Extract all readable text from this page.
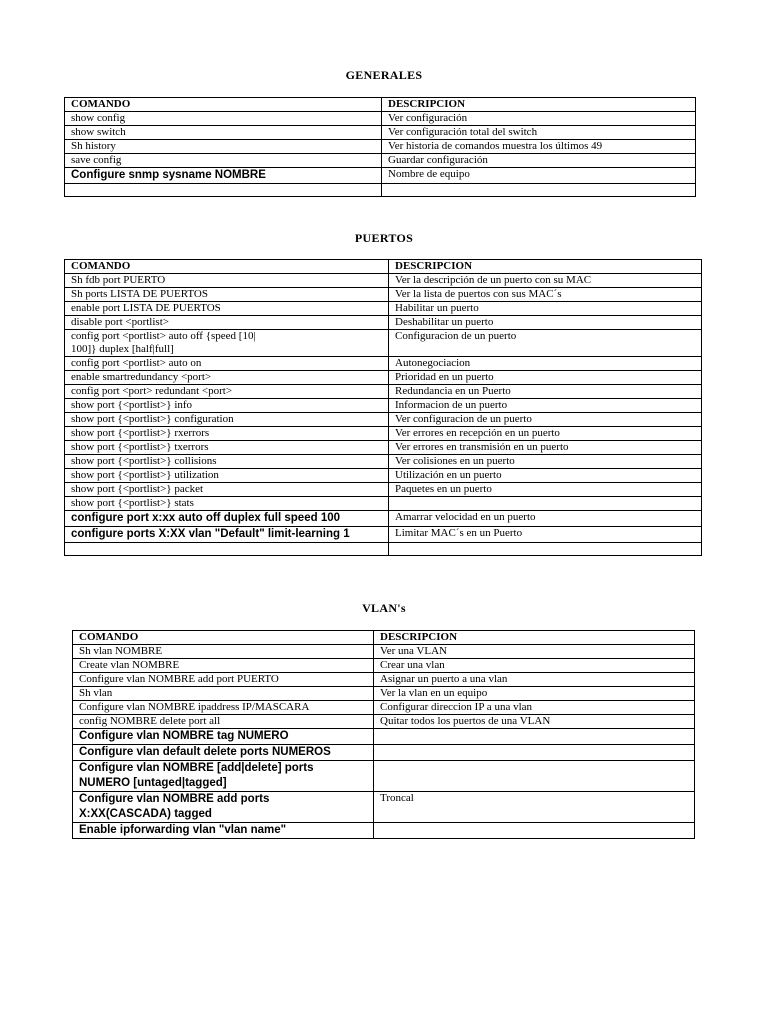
GENERALES
COMANDO	DESCRIPCION
show config	Ver configuración
show switch	Ver configuración total del switch
Sh history	Ver historia de comandos muestra los últimos 49
save config	Guardar configuración
Configure snmp sysname NOMBRE	Nombre de equipo

PUERTOS
COMANDO	DESCRIPCION
Sh fdb port PUERTO	Ver la descripción de un puerto con su MAC
Sh ports LISTA DE PUERTOS	Ver la lista de puertos con sus MAC´s
enable port LISTA DE PUERTOS	Habilitar un puerto
disable port <portlist>	Deshabilitar un puerto
config port <portlist> auto off {speed [10|
100]} duplex [half|full]	Configuracion de un puerto
config port <portlist> auto on	Autonegociacion
enable smartredundancy <port>	Prioridad en un puerto
config port <port> redundant <port>	Redundancia en un Puerto
show port {<portlist>} info	Informacion de un puerto
show port {<portlist>} configuration	Ver configuracion de un puerto
show port {<portlist>} rxerrors	Ver errores en recepción en un puerto
show port {<portlist>} txerrors	Ver errores en transmisión en un puerto
show port {<portlist>} collisions	Ver colisiones en un puerto
show port {<portlist>} utilization	Utilización en un puerto
show port {<portlist>} packet	Paquetes en un puerto
show port {<portlist>} stats	
configure port x:xx auto off duplex full speed 100	Amarrar velocidad en un puerto
configure ports X:XX vlan "Default" limit-learning 1	Limitar MAC´s en un Puerto

VLAN's
COMANDO	DESCRIPCION
Sh vlan NOMBRE	Ver una VLAN
Create vlan NOMBRE	Crear una vlan
Configure vlan NOMBRE add port PUERTO	Asignar un puerto a una vlan
Sh vlan	Ver la vlan en un equipo
Configure vlan NOMBRE ipaddress IP/MASCARA	Configurar direccion IP a una vlan
config NOMBRE delete port all	Quitar todos los puertos de una VLAN
Configure vlan NOMBRE tag NUMERO	
Configure vlan default delete ports NUMEROS	
Configure vlan NOMBRE [add|delete] ports
NUMERO [untaged|tagged]	
Configure vlan NOMBRE add ports
X:XX(CASCADA) tagged	Troncal
Enable ipforwarding vlan "vlan name"	
